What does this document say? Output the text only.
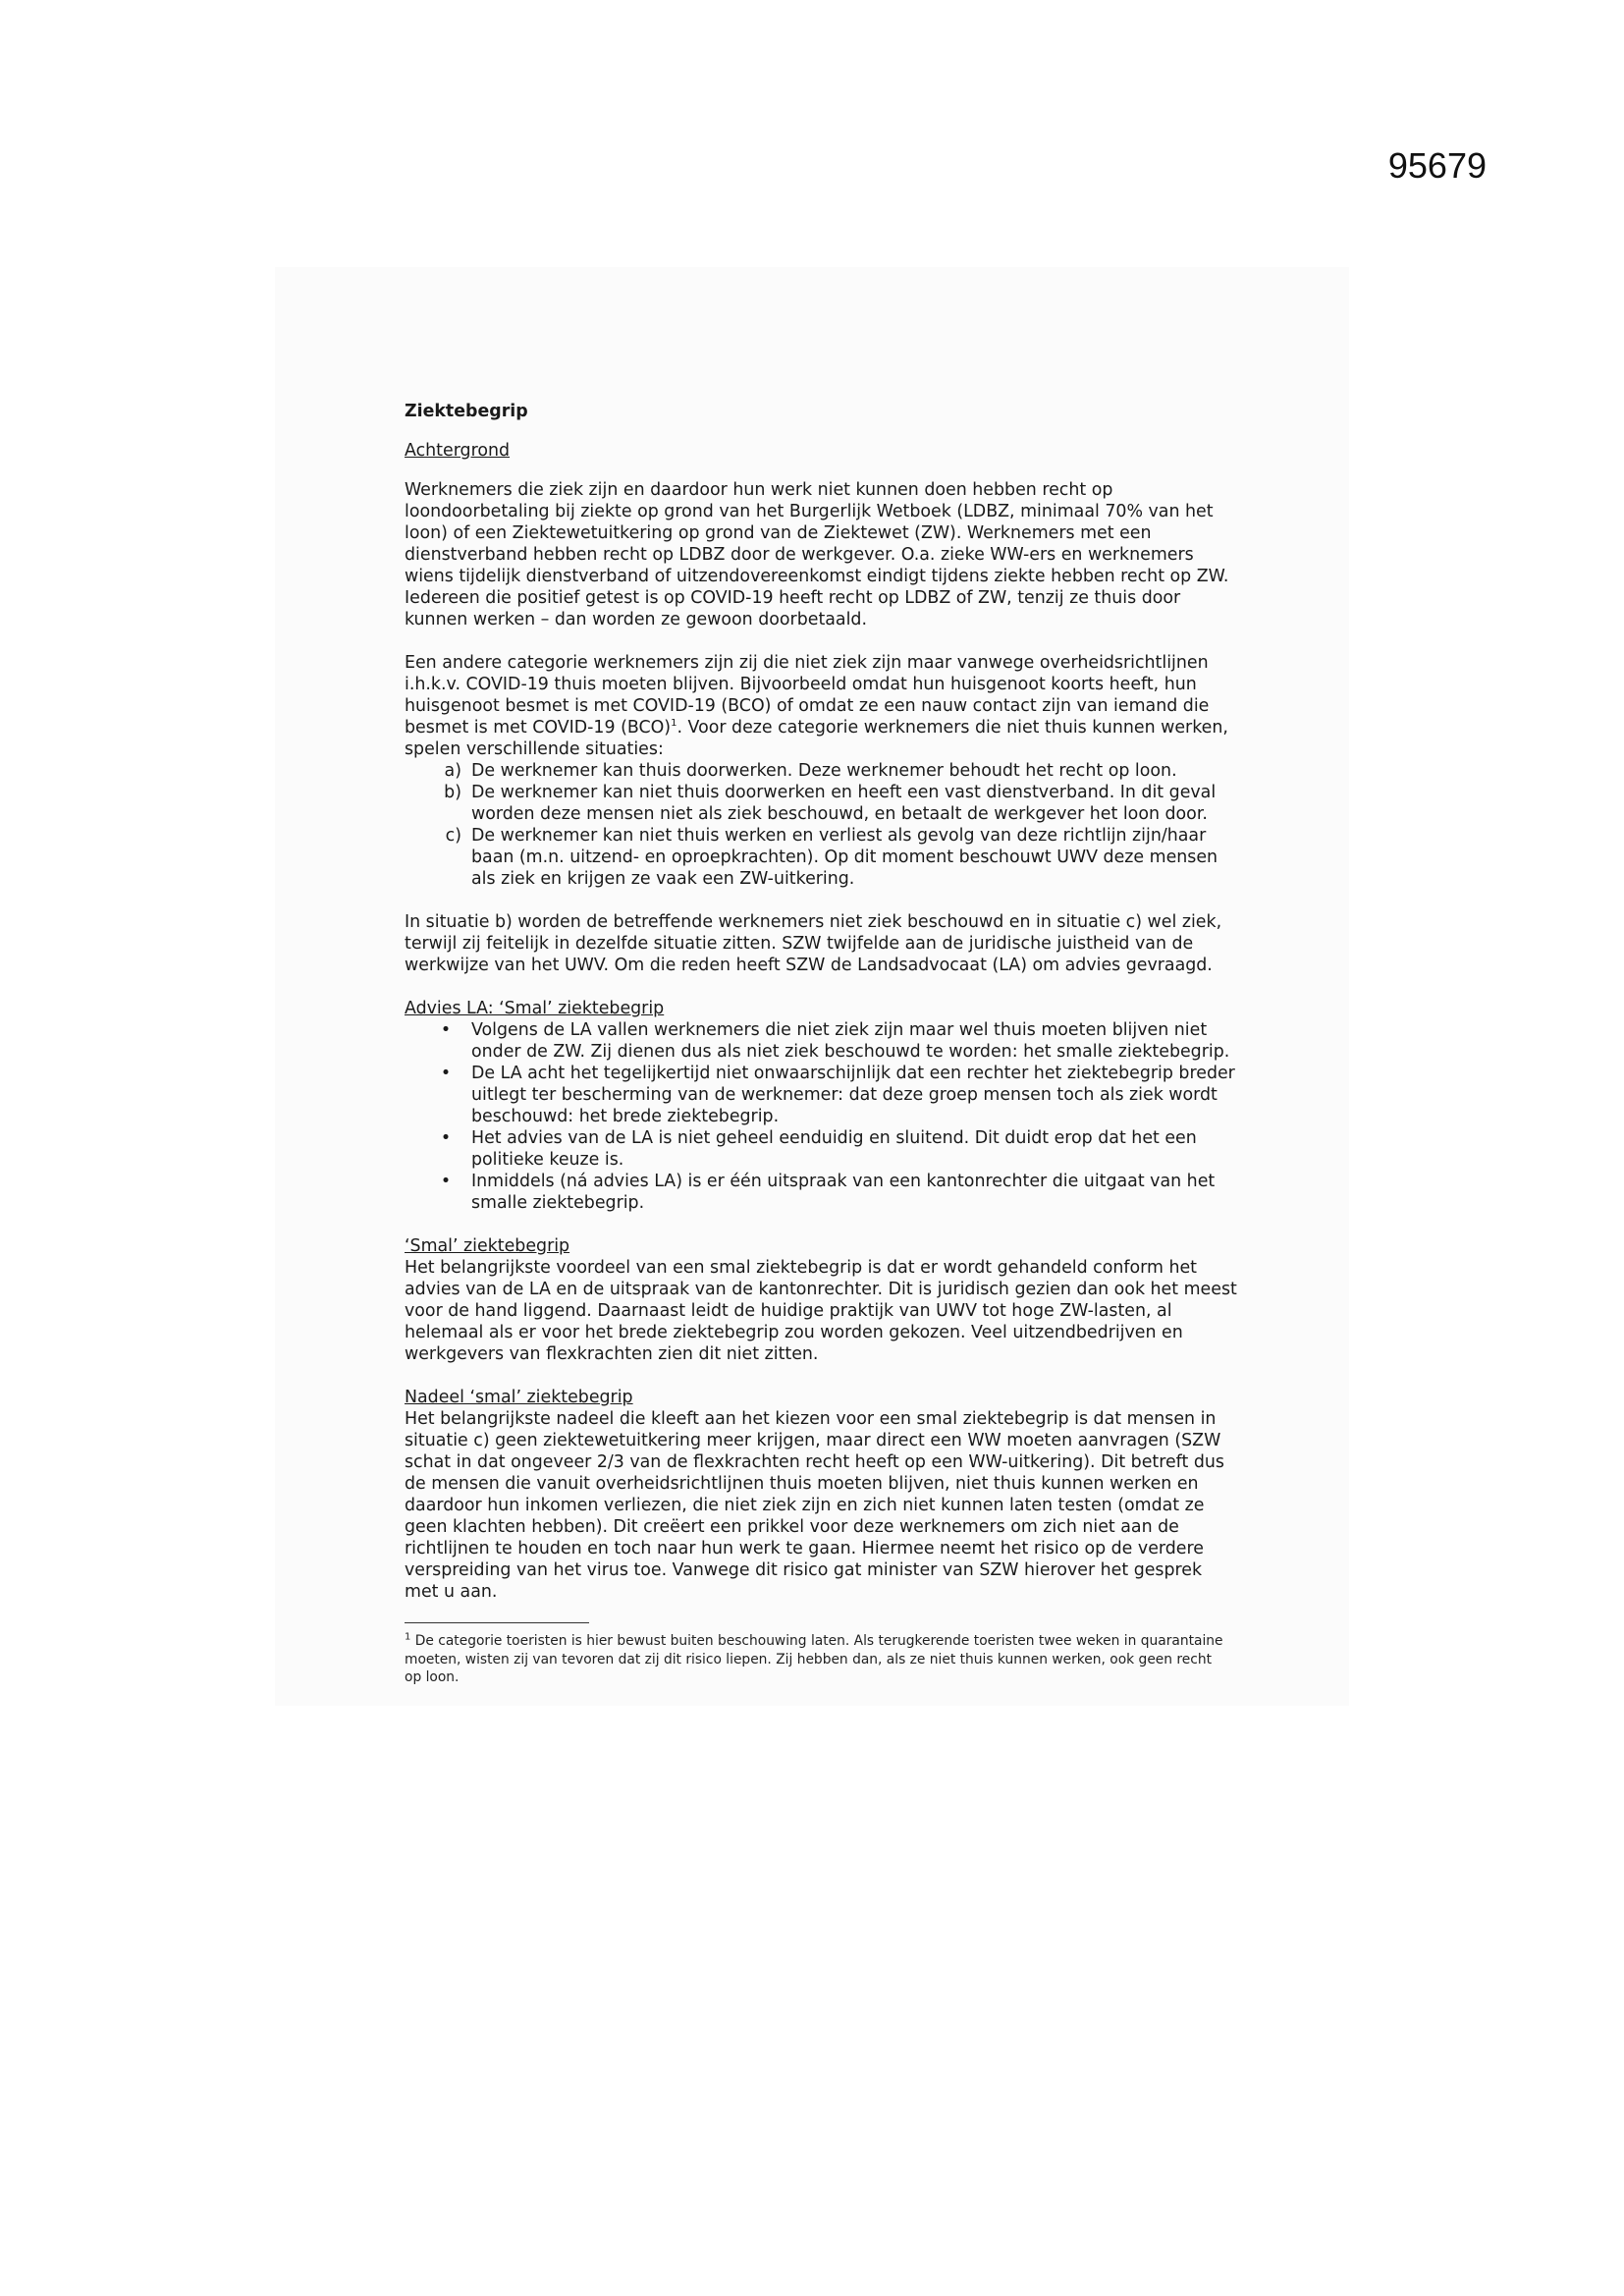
95679
Ziektebegrip
Achtergrond

Werknemers die ziek zijn en daardoor hun werk niet kunnen doen hebben recht op loondoorbetaling bij ziekte op grond van het Burgerlijk Wetboek (LDBZ, minimaal 70% van het loon) of een Ziektewetuitkering op grond van de Ziektewet (ZW). Werknemers met een dienstverband hebben recht op LDBZ door de werkgever. O.a. zieke WW-ers en werknemers wiens tijdelijk dienstverband of uitzendovereenkomst eindigt tijdens ziekte hebben recht op ZW. Iedereen die positief getest is op COVID-19 heeft recht op LDBZ of ZW, tenzij ze thuis door kunnen werken – dan worden ze gewoon doorbetaald.

Een andere categorie werknemers zijn zij die niet ziek zijn maar vanwege overheidsrichtlijnen i.h.k.v. COVID-19 thuis moeten blijven. Bijvoorbeeld omdat hun huisgenoot koorts heeft, hun huisgenoot besmet is met COVID-19 (BCO) of omdat ze een nauw contact zijn van iemand die besmet is met COVID-19 (BCO)$^1$. Voor deze categorie werknemers die niet thuis kunnen werken, spelen verschillende situaties:

a) De werknemer kan thuis doorwerken. Deze werknemer behoudt het recht op loon.
b) De werknemer kan niet thuis doorwerken en heeft een vast dienstverband. In dit geval worden deze mensen niet als ziek beschouwd, en betaalt de werkgever het loon door.
c) De werknemer kan niet thuis werken en verliest als gevolg van deze richtlijn zijn/haar baan (m.n. uitzend- en oproepkrachten). Op dit moment beschouwt UWV deze mensen als ziek en krijgen ze vaak een ZW-uitkering.

In situatie b) worden de betreffende werknemers niet ziek beschouwd en in situatie c) wel ziek, terwijl zij feitelijk in dezelfde situatie zitten. SZW twijfelde aan de juridische juistheid van de werkwijze van het UWV. Om die reden heeft SZW de Landsadvocaat (LA) om advies gevraagd.

Advies LA: ‘Smal’ ziektebegrip
•	Volgens de LA vallen werknemers die niet ziek zijn maar wel thuis moeten blijven niet onder de ZW. Zij dienen dus als niet ziek beschouwd te worden: het smalle ziektebegrip.
•	De LA acht het tegelijkertijd niet onwaarschijnlijk dat een rechter het ziektebegrip breder uitlegt ter bescherming van de werknemer: dat deze groep mensen toch als ziek wordt beschouwd: het brede ziektebegrip.
•	Het advies van de LA is niet geheel eenduidig en sluitend. Dit duidt erop dat het een politieke keuze is.
•	Inmiddels (ná advies LA) is er één uitspraak van een kantonrechter die uitgaat van het smalle ziektebegrip.
‘Smal’ ziektebegrip

Het belangrijkste voordeel van een smal ziektebegrip is dat er wordt gehandeld conform het advies van de LA en de uitspraak van de kantonrechter. Dit is juridisch gezien dan ook het meest voor de hand liggend. Daarnaast leidt de huidige praktijk van UWV tot hoge ZW-lasten, al helemaal als er voor het brede ziektebegrip zou worden gekozen. Veel uitzendbedrijven en werkgevers van flexkrachten zien dit niet zitten.

Nadeel ‘smal’ ziektebegrip

Het belangrijkste nadeel die kleeft aan het kiezen voor een smal ziektebegrip is dat mensen in situatie c) geen ziektewetuitkering meer krijgen, maar direct een WW moeten aanvragen (SZW schat in dat ongeveer 2/3 van de flexkrachten recht heeft op een WW-uitkering). Dit betreft dus de mensen die vanuit overheidsrichtlijnen thuis moeten blijven, niet thuis kunnen werken en daardoor hun inkomen verliezen, die niet ziek zijn en zich niet kunnen laten testen (omdat ze geen klachten hebben). Dit creëert een prikkel voor deze werknemers om zich niet aan de richtlijnen te houden en toch naar hun werk te gaan. Hiermee neemt het risico op de verdere verspreiding van het virus toe. Vanwege dit risico gat minister van SZW hierover het gesprek met u aan.

$^1$ De categorie toeristen is hier bewust buiten beschouwing laten. Als terugkerende toeristen twee weken in quarantaine moeten, wisten zij van tevoren dat zij dit risico liepen. Zij hebben dan, als ze niet thuis kunnen werken, ook geen recht op loon.
